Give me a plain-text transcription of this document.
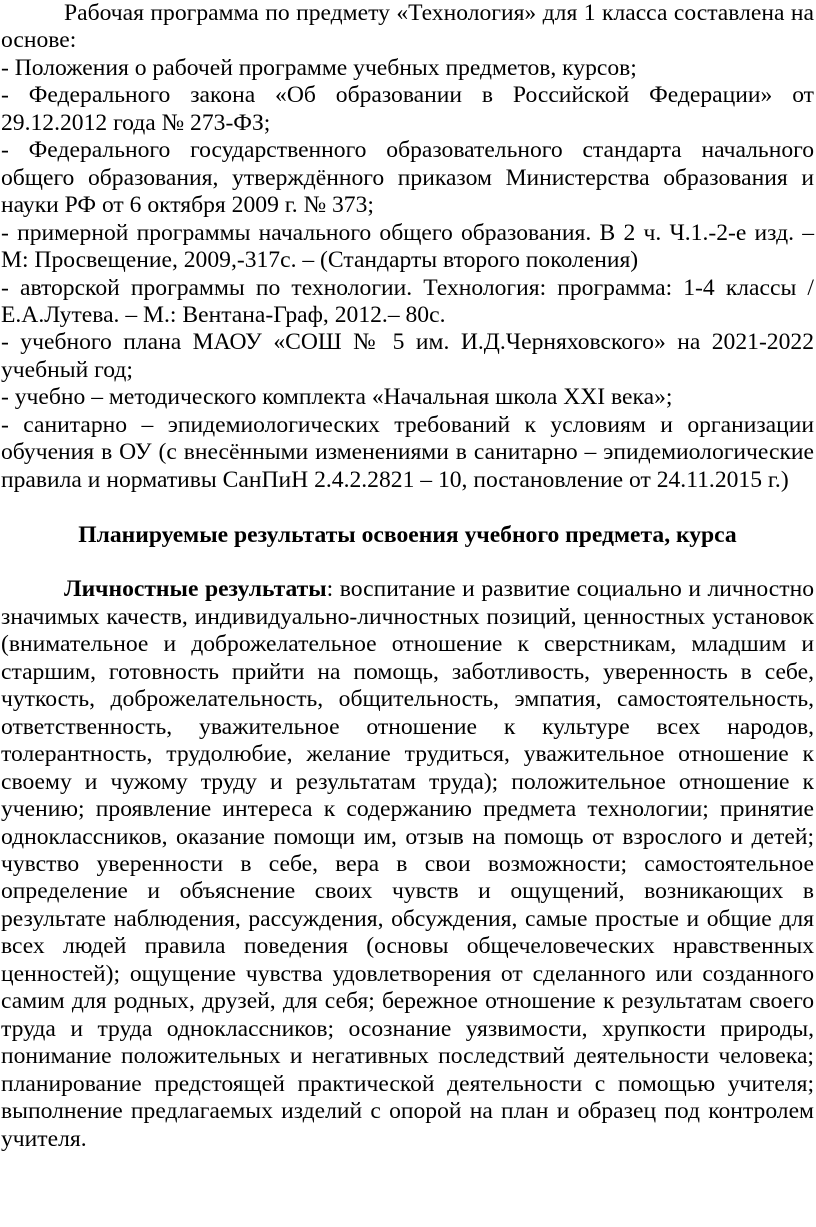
Рабочая программа по предмету «Технология» для 1 класса составлена на основе:

- Положения о рабочей программе учебных предметов, курсов;

- Федерального закона «Об образовании в Российской Федерации» от 29.12.2012 года № 273-ФЗ;

- Федерального государственного образовательного стандарта начального общего образования, утверждённого приказом Министерства образования и науки РФ от 6 октября 2009 г. № 373;

- примерной программы начального общего образования. В 2 ч. Ч.1.-2-е изд. – М: Просвещение, 2009,-317с. – (Стандарты второго поколения)

- авторской программы по технологии. Технология: программа: 1-4 классы / Е.А.Лутева. – М.: Вентана-Граф, 2012.– 80с.

- учебного плана МАОУ «СОШ № 5 им. И.Д.Черняховского» на 2021-2022 учебный год;

- учебно – методического комплекта «Начальная школа XXI века»;

- санитарно – эпидемиологических требований к условиям и организации обучения в ОУ (с внесёнными изменениями в санитарно – эпидемиологические правила и нормативы СанПиН 2.4.2.2821 – 10, постановление от 24.11.2015 г.)

Планируемые результаты освоения учебного предмета, курса

Личностные результаты: воспитание и развитие социально и личностно значимых качеств, индивидуально-личностных позиций, ценностных установок (внимательное и доброжелательное отношение к сверстникам, младшим и старшим, готовность прийти на помощь, заботливость, уверенность в себе, чуткость, доброжелательность, общительность, эмпатия, самостоятельность, ответственность, уважительное отношение к культуре всех народов, толерантность, трудолюбие, желание трудиться, уважительное отношение к своему и чужому труду и результатам труда); положительное отношение к учению; проявление интереса к содержанию предмета технологии; принятие одноклассников, оказание помощи им, отзыв на помощь от взрослого и детей; чувство уверенности в себе, вера в свои возможности; самостоятельное определение и объяснение своих чувств и ощущений, возникающих в результате наблюдения, рассуждения, обсуждения, самые простые и общие для всех людей правила поведения (основы общечеловеческих нравственных ценностей); ощущение чувства удовлетворения от сделанного или созданного самим для родных, друзей, для себя; бережное отношение к результатам своего труда и труда одноклассников; осознание уязвимости, хрупкости природы, понимание положительных и негативных последствий деятельности человека; планирование предстоящей практической деятельности с помощью учителя; выполнение предлагаемых изделий с опорой на план и образец под контролем учителя.
